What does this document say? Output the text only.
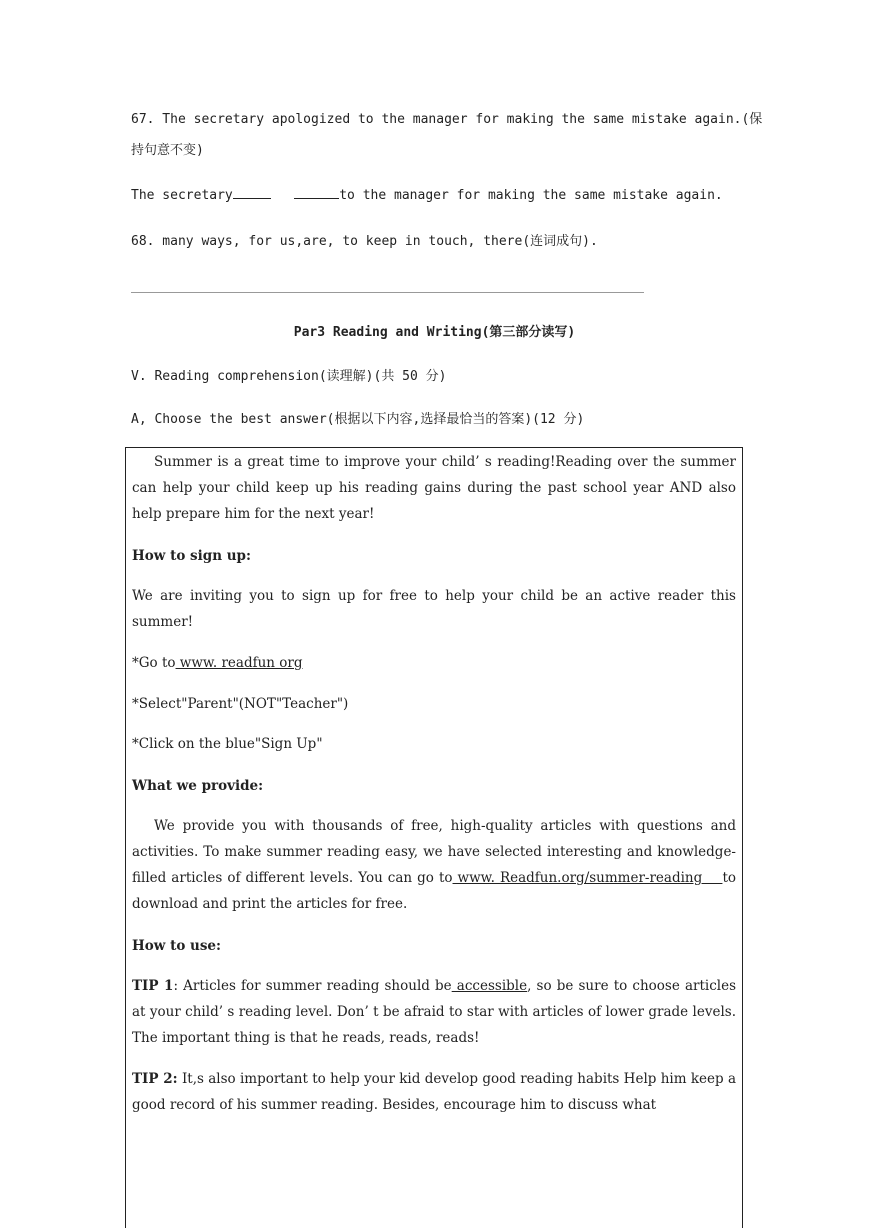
67. The secretary apologized to the manager for making the same mistake again.(保
持句意不变)
The secretary	to the manager for making the same mistake again.
68. many ways, for us,are, to keep in touch, there(连词成句).
Par3 Reading and Writing(第三部分读写)
V. Reading comprehension(读理解)(共 50 分)
A, Choose the best answer(根据以下内容,选择最恰当的答案)(12 分)
Summer is a great time to improve your child’ s reading!Reading over the summer can help your child keep up his reading gains during the past school year AND also help prepare him for the next year!
How to sign up:
We are inviting you to sign up for free to help your child be an active reader this summer!
*Go to www. readfun org
*Select"Parent"(NOT"Teacher")
*Click on the blue"Sign Up"
What we provide:
We provide you with thousands of free, high-quality articles with questions and activities. To make summer reading easy, we have selected interesting and knowledge-filled articles of different levels. You can go to www. Readfun.org/summer-reading    to download and print the articles for free.
How to use:
TIP 1: Articles for summer reading should be accessible, so be sure to choose articles at your child’ s reading level. Don’ t be afraid to star with articles of lower grade levels. The important thing is that he reads, reads, reads!
TIP 2: It,s also important to help your kid develop good reading habits Help him keep a good record of his summer reading. Besides, encourage him to discuss what
